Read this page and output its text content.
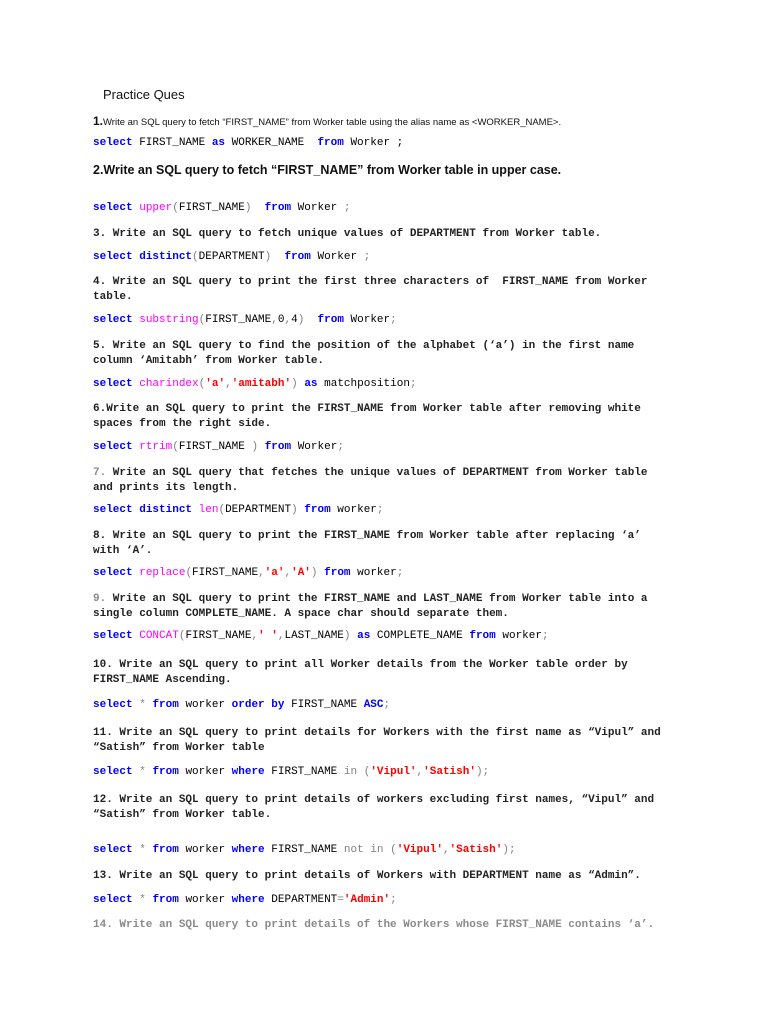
Practice Ques
1.Write an SQL query to fetch “FIRST_NAME” from Worker table using the alias name as <WORKER_NAME>.
select FIRST_NAME as WORKER_NAME  from Worker ;
2.Write an SQL query to fetch “FIRST_NAME” from Worker table in upper case.
select upper(FIRST_NAME) from Worker ;
3. Write an SQL query to fetch unique values of DEPARTMENT from Worker table.
select distinct(DEPARTMENT) from Worker ;
4. Write an SQL query to print the first three characters of  FIRST_NAME from Worker table.
select substring(FIRST_NAME,0,4) from Worker;
5. Write an SQL query to find the position of the alphabet (‘a’) in the first name column ‘Amitabh’ from Worker table.
select charindex('a','amitabh') as matchposition;
6.Write an SQL query to print the FIRST_NAME from Worker table after removing white spaces from the right side.
select rtrim(FIRST_NAME ) from Worker;
7. Write an SQL query that fetches the unique values of DEPARTMENT from Worker table and prints its length.
select distinct len(DEPARTMENT) from worker;
8. Write an SQL query to print the FIRST_NAME from Worker table after replacing ‘a’ with ‘A’.
select replace(FIRST_NAME,'a','A') from worker;
9. Write an SQL query to print the FIRST_NAME and LAST_NAME from Worker table into a single column COMPLETE_NAME. A space char should separate them.
select CONCAT(FIRST_NAME,' ',LAST_NAME) as COMPLETE_NAME from worker;
10. Write an SQL query to print all Worker details from the Worker table order by FIRST_NAME Ascending.
select * from worker order by FIRST_NAME ASC;
11. Write an SQL query to print details for Workers with the first name as “Vipul” and “Satish” from Worker table
select * from worker where FIRST_NAME in ('Vipul','Satish');
12. Write an SQL query to print details of workers excluding first names, “Vipul” and “Satish” from Worker table.
select * from worker where FIRST_NAME not in ('Vipul','Satish');
13. Write an SQL query to print details of Workers with DEPARTMENT name as “Admin”.
select * from worker where DEPARTMENT='Admin';
14. Write an SQL query to print details of the Workers whose FIRST_NAME contains ‘a’.
